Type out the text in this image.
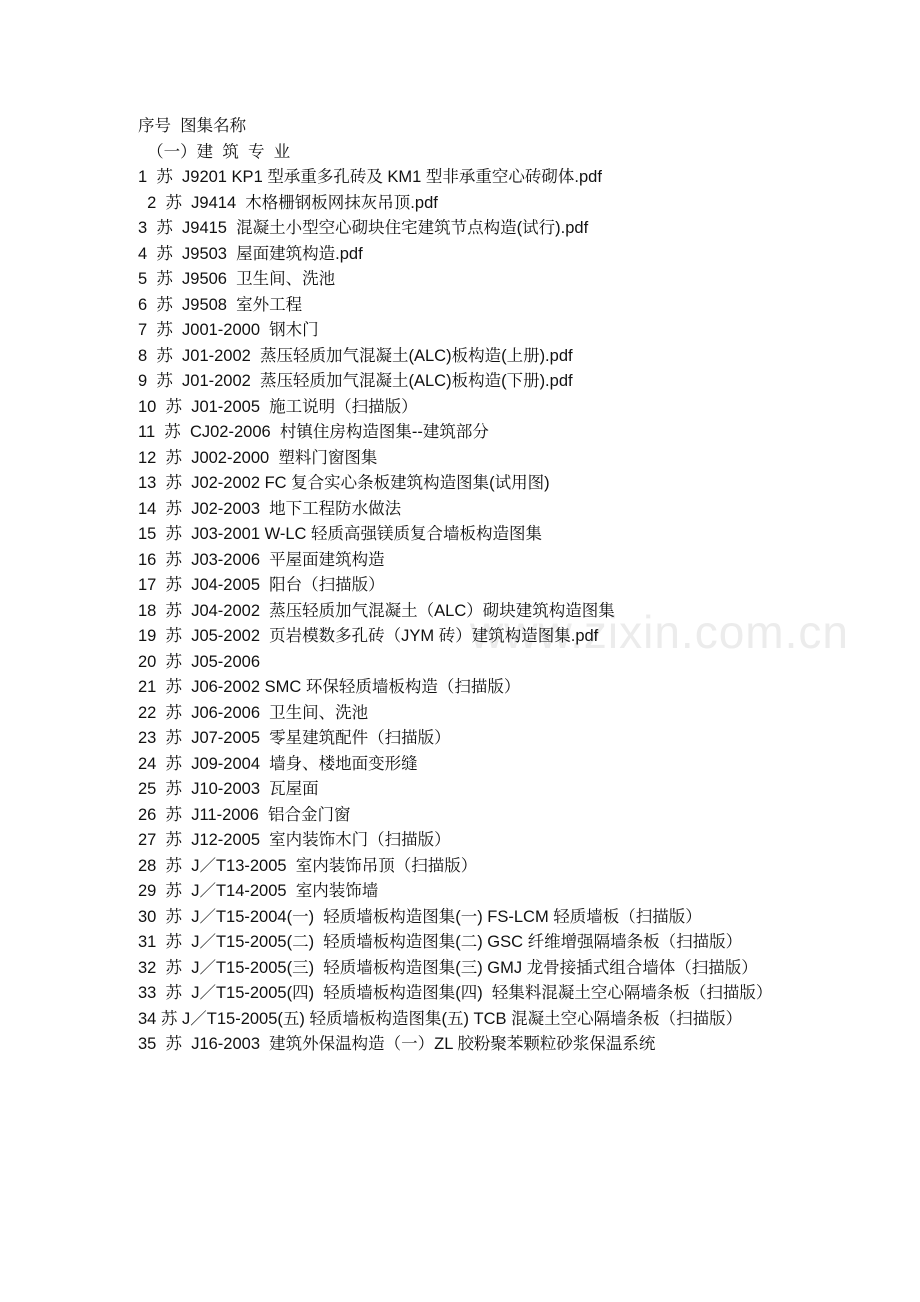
www.zixin.com.cn
序号  图集名称
（一）建  筑  专  业
1  苏  J9201 KP1 型承重多孔砖及 KM1 型非承重空心砖砌体.pdf
2  苏  J9414  木格栅钢板网抹灰吊顶.pdf
3  苏  J9415  混凝土小型空心砌块住宅建筑节点构造(试行).pdf
4  苏  J9503  屋面建筑构造.pdf
5  苏  J9506  卫生间、洗池
6  苏  J9508  室外工程
7  苏  J001-2000  钢木门
8  苏  J01-2002  蒸压轻质加气混凝土(ALC)板构造(上册).pdf
9  苏  J01-2002  蒸压轻质加气混凝土(ALC)板构造(下册).pdf
10  苏  J01-2005  施工说明（扫描版）
11  苏  CJ02-2006  村镇住房构造图集--建筑部分
12  苏  J002-2000  塑料门窗图集
13  苏  J02-2002 FC 复合实心条板建筑构造图集(试用图)
14  苏  J02-2003  地下工程防水做法
15  苏  J03-2001 W-LC 轻质高强镁质复合墙板构造图集
16  苏  J03-2006  平屋面建筑构造
17  苏  J04-2005  阳台（扫描版）
18  苏  J04-2002  蒸压轻质加气混凝土（ALC）砌块建筑构造图集
19  苏  J05-2002  页岩模数多孔砖（JYM 砖）建筑构造图集.pdf
20  苏  J05-2006
21  苏  J06-2002 SMC 环保轻质墙板构造（扫描版）
22  苏  J06-2006  卫生间、洗池
23  苏  J07-2005  零星建筑配件（扫描版）
24  苏  J09-2004  墙身、楼地面变形缝
25  苏  J10-2003  瓦屋面
26  苏  J11-2006  铝合金门窗
27  苏  J12-2005  室内装饰木门（扫描版）
28  苏  J／T13-2005  室内装饰吊顶（扫描版）
29  苏  J／T14-2005  室内装饰墙
30  苏  J／T15-2004(一)  轻质墙板构造图集(一) FS-LCM 轻质墙板（扫描版）
31  苏  J／T15-2005(二)  轻质墙板构造图集(二) GSC 纤维增强隔墙条板（扫描版）
32  苏  J／T15-2005(三)  轻质墙板构造图集(三) GMJ 龙骨接插式组合墙体（扫描版）
33  苏  J／T15-2005(四)  轻质墙板构造图集(四)  轻集料混凝土空心隔墙条板（扫描版）
34 苏 J／T15-2005(五) 轻质墙板构造图集(五) TCB 混凝土空心隔墙条板（扫描版）
35  苏  J16-2003  建筑外保温构造（一）ZL 胶粉聚苯颗粒砂浆保温系统
